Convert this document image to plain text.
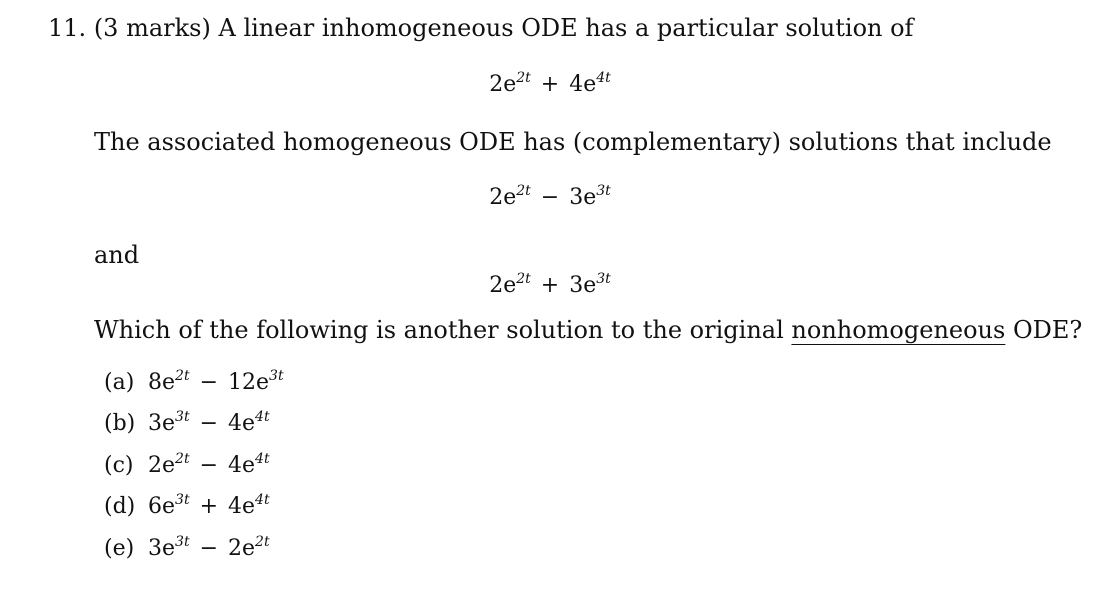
11. (3 marks) A linear inhomogeneous ODE has a particular solution of
$2e^{2t} + 4e^{4t}$
The associated homogeneous ODE has (complementary) solutions that include
$2e^{2t} - 3e^{3t}$
and
$2e^{2t} + 3e^{3t}$
Which of the following is another solution to the original nonhomogeneous ODE?
(a) $8e^{2t} - 12e^{3t}$
(b) $3e^{3t} - 4e^{4t}$
(c) $2e^{2t} - 4e^{4t}$
(d) $6e^{3t} + 4e^{4t}$
(e) $3e^{3t} - 2e^{2t}$
